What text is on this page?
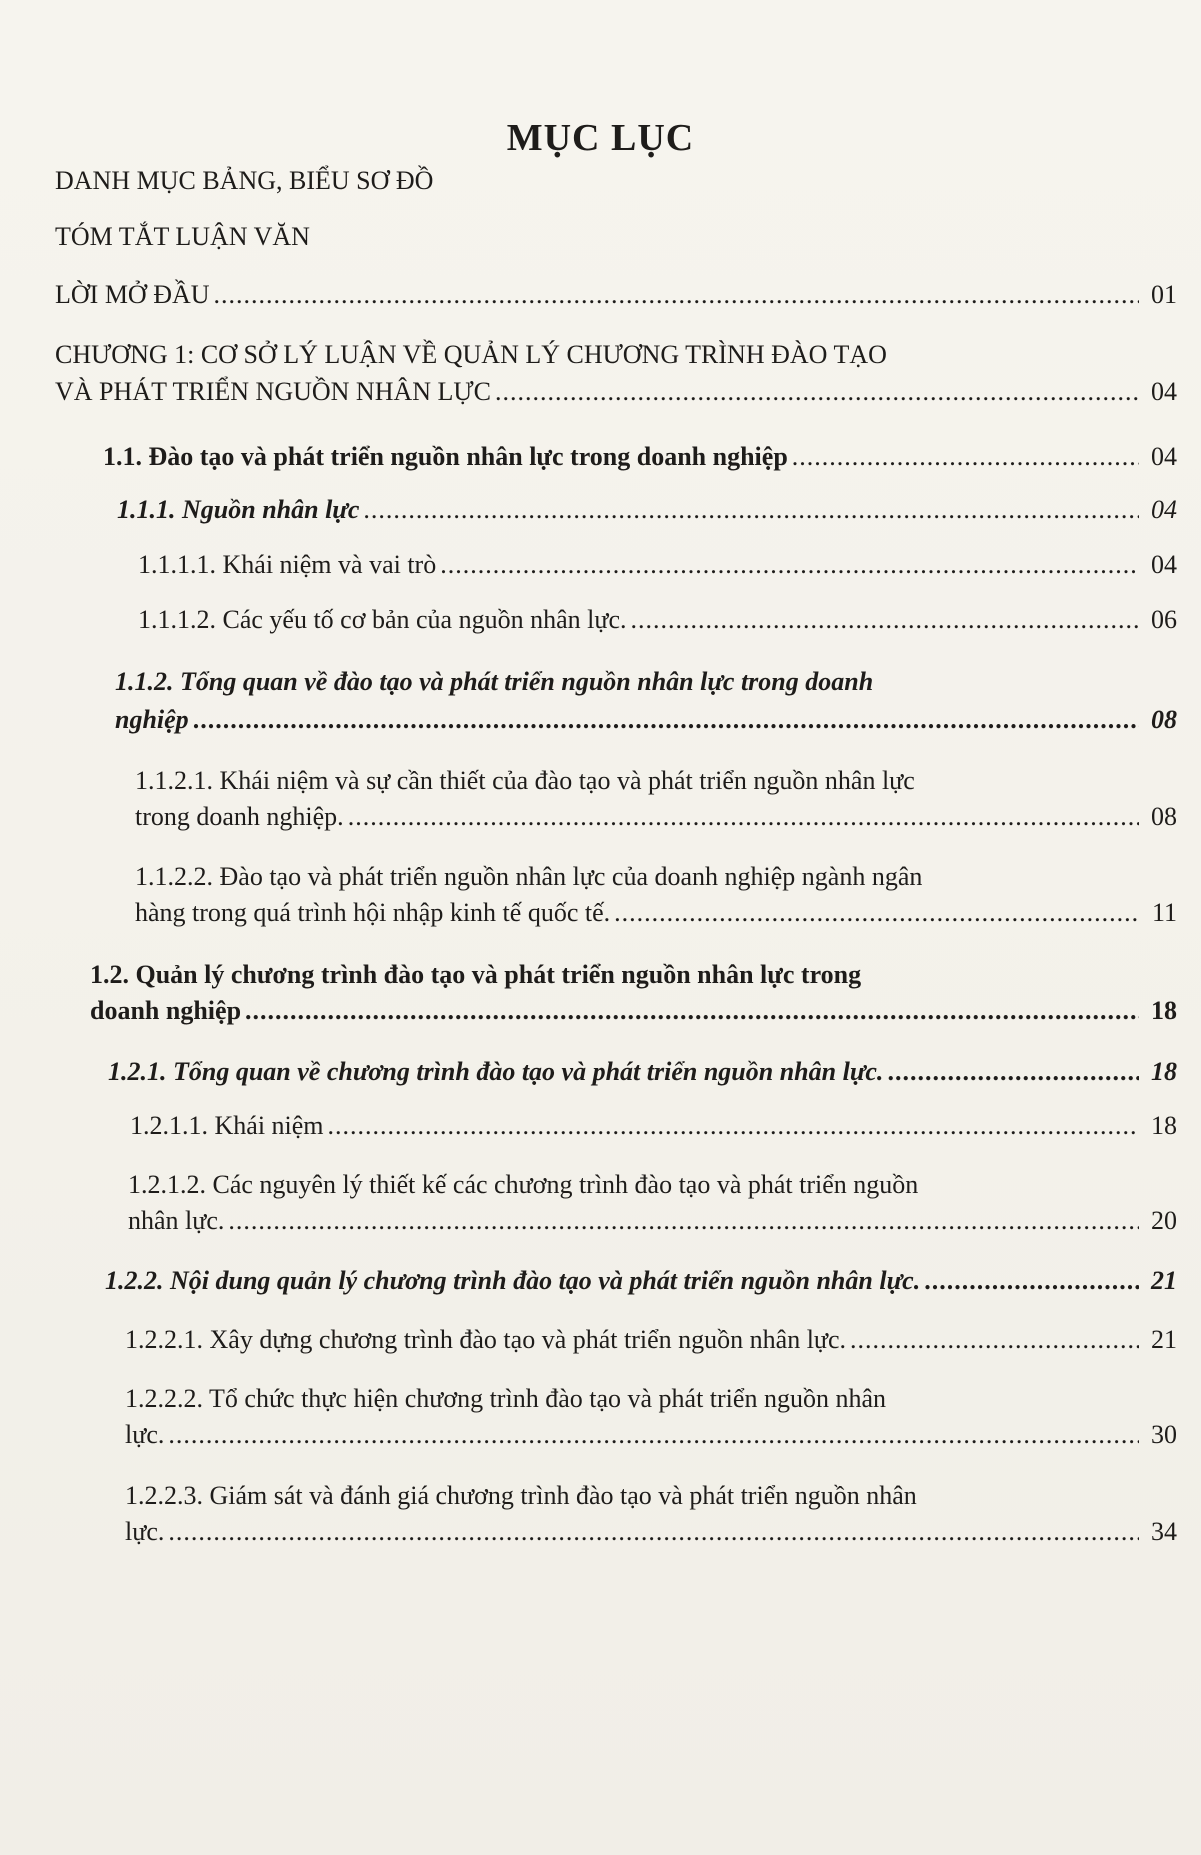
MỤC LỤC
DANH MỤC BẢNG, BIỂU SƠ ĐỒ
TÓM TẮT LUẬN VĂN
LỜI MỞ ĐẦU .....	01
CHƯƠNG 1: CƠ SỞ LÝ LUẬN VỀ QUẢN LÝ CHƯƠNG TRÌNH ĐÀO TẠO
VÀ PHÁT TRIỂN NGUỒN NHÂN LỰC .....	04
1.1. Đào tạo và phát triển nguồn nhân lực trong doanh nghiệp .....	04
1.1.1. Nguồn nhân lực .....	04
1.1.1.1. Khái niệm và vai trò .....	04
1.1.1.2. Các yếu tố cơ bản của nguồn nhân lực. .....	06
1.1.2. Tổng quan về đào tạo và phát triển nguồn nhân lực trong doanh
nghiệp .....	08
1.1.2.1. Khái niệm và sự cần thiết của đào tạo và phát triển nguồn nhân lực
trong doanh nghiệp. .....	08
1.1.2.2. Đào tạo và phát triển nguồn nhân lực của doanh nghiệp ngành ngân
hàng trong quá trình hội nhập kinh tế quốc tế. .....	11
1.2. Quản lý chương trình đào tạo và phát triển nguồn nhân lực trong
doanh nghiệp .....	18
1.2.1. Tổng quan về chương trình đào tạo và phát triển nguồn nhân lực. .....	18
1.2.1.1. Khái niệm .....	18
1.2.1.2. Các nguyên lý thiết kế các chương trình đào tạo và phát triển nguồn
nhân lực. .....	20
1.2.2. Nội dung quản lý chương trình đào tạo và phát triển nguồn nhân lực. .....	21
1.2.2.1. Xây dựng chương trình đào tạo và phát triển nguồn nhân lực. .....	21
1.2.2.2. Tổ chức thực hiện chương trình đào tạo và phát triển nguồn nhân
lực. .....	30
1.2.2.3. Giám sát và đánh giá chương trình đào tạo và phát triển nguồn nhân
lực. .....	34
